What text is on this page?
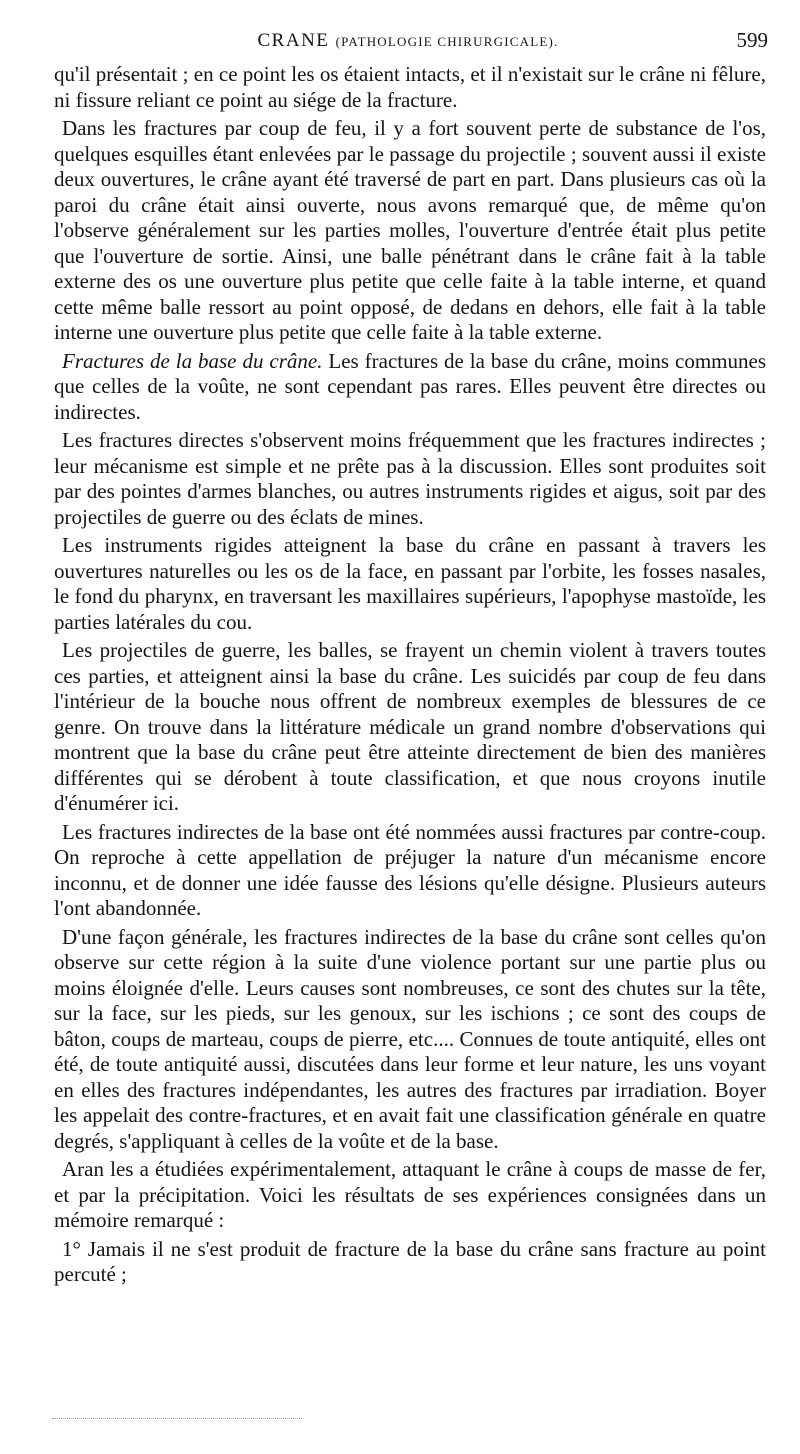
CRANE (PATHOLOGIE CHIRURGICALE).	599

qu'il présentait ; en ce point les os étaient intacts, et il n'existait sur le crâne ni fêlure, ni fissure reliant ce point au siége de la fracture.

Dans les fractures par coup de feu, il y a fort souvent perte de substance de l'os, quelques esquilles étant enlevées par le passage du projectile ; souvent aussi il existe deux ouvertures, le crâne ayant été traversé de part en part. Dans plusieurs cas où la paroi du crâne était ainsi ouverte, nous avons remarqué que, de même qu'on l'observe généralement sur les parties molles, l'ouverture d'entrée était plus petite que l'ouverture de sortie. Ainsi, une balle pénétrant dans le crâne fait à la table externe des os une ouverture plus petite que celle faite à la table interne, et quand cette même balle ressort au point opposé, de dedans en dehors, elle fait à la table interne une ouverture plus petite que celle faite à la table externe.

Fractures de la base du crâne. Les fractures de la base du crâne, moins communes que celles de la voûte, ne sont cependant pas rares. Elles peuvent être directes ou indirectes.

Les fractures directes s'observent moins fréquemment que les fractures indirectes ; leur mécanisme est simple et ne prête pas à la discussion. Elles sont produites soit par des pointes d'armes blanches, ou autres instruments rigides et aigus, soit par des projectiles de guerre ou des éclats de mines.

Les instruments rigides atteignent la base du crâne en passant à travers les ouvertures naturelles ou les os de la face, en passant par l'orbite, les fosses nasales, le fond du pharynx, en traversant les maxillaires supérieurs, l'apophyse mastoïde, les parties latérales du cou.

Les projectiles de guerre, les balles, se frayent un chemin violent à travers toutes ces parties, et atteignent ainsi la base du crâne. Les suicidés par coup de feu dans l'intérieur de la bouche nous offrent de nombreux exemples de blessures de ce genre. On trouve dans la littérature médicale un grand nombre d'observations qui montrent que la base du crâne peut être atteinte directement de bien des manières différentes qui se dérobent à toute classification, et que nous croyons inutile d'énumérer ici.

Les fractures indirectes de la base ont été nommées aussi fractures par contre-coup. On reproche à cette appellation de préjuger la nature d'un mécanisme encore inconnu, et de donner une idée fausse des lésions qu'elle désigne. Plusieurs auteurs l'ont abandonnée.

D'une façon générale, les fractures indirectes de la base du crâne sont celles qu'on observe sur cette région à la suite d'une violence portant sur une partie plus ou moins éloignée d'elle. Leurs causes sont nombreuses, ce sont des chutes sur la tête, sur la face, sur les pieds, sur les genoux, sur les ischions ; ce sont des coups de bâton, coups de marteau, coups de pierre, etc.... Connues de toute antiquité, elles ont été, de toute antiquité aussi, discutées dans leur forme et leur nature, les uns voyant en elles des fractures indépendantes, les autres des fractures par irradiation. Boyer les appelait des contre-fractures, et en avait fait une classification générale en quatre degrés, s'appliquant à celles de la voûte et de la base.

Aran les a étudiées expérimentalement, attaquant le crâne à coups de masse de fer, et par la précipitation. Voici les résultats de ses expériences consignées dans un mémoire remarqué :

1° Jamais il ne s'est produit de fracture de la base du crâne sans fracture au point percuté ;
